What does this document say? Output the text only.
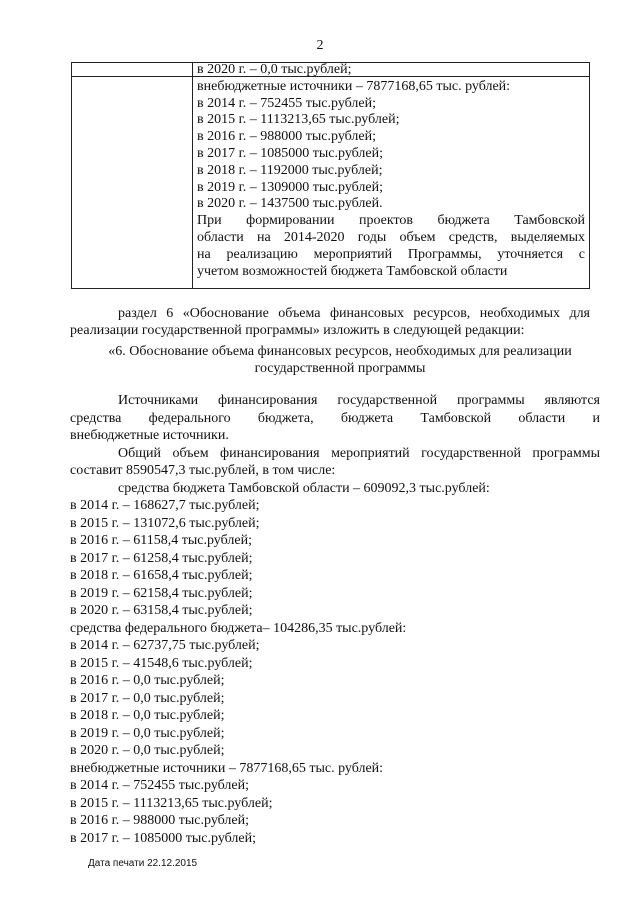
2
в 2020 г. – 0,0 тыс.рублей;
внебюджетные источники – 7877168,65 тыс. рублей:
в 2014 г. – 752455 тыс.рублей;
в 2015 г. – 1113213,65 тыс.рублей;
в 2016 г. – 988000 тыс.рублей;
в 2017 г. – 1085000 тыс.рублей;
в 2018 г. – 1192000 тыс.рублей;
в 2019 г. – 1309000 тыс.рублей;
в 2020 г. – 1437500 тыс.рублей.
При формировании проектов бюджета Тамбовской
области на 2014-2020 годы объем средств, выделяемых
на реализацию мероприятий Программы, уточняется с
учетом возможностей бюджета Тамбовской области
раздел 6 «Обоснование объема финансовых ресурсов, необходимых для
реализации государственной программы» изложить в следующей редакции:
«6. Обоснование объема финансовых ресурсов, необходимых для реализации
государственной программы
Источниками финансирования государственной программы являются
средства федерального бюджета, бюджета Тамбовской области и
внебюджетные источники.
Общий объем финансирования мероприятий государственной программы
составит 8590547,3 тыс.рублей, в том числе:
средства бюджета Тамбовской области – 609092,3 тыс.рублей:
в 2014 г. – 168627,7 тыс.рублей;
в 2015 г. – 131072,6 тыс.рублей;
в 2016 г. – 61158,4 тыс.рублей;
в 2017 г. – 61258,4 тыс.рублей;
в 2018 г. – 61658,4 тыс.рублей;
в 2019 г. – 62158,4 тыс.рублей;
в 2020 г. – 63158,4 тыс.рублей;
средства федерального бюджета– 104286,35 тыс.рублей:
в 2014 г. – 62737,75 тыс.рублей;
в 2015 г. – 41548,6 тыс.рублей;
в 2016 г. – 0,0 тыс.рублей;
в 2017 г. – 0,0 тыс.рублей;
в 2018 г. – 0,0 тыс.рублей;
в 2019 г. – 0,0 тыс.рублей;
в 2020 г. – 0,0 тыс.рублей;
внебюджетные источники – 7877168,65 тыс. рублей:
в 2014 г. – 752455 тыс.рублей;
в 2015 г. – 1113213,65 тыс.рублей;
в 2016 г. – 988000 тыс.рублей;
в 2017 г. – 1085000 тыс.рублей;
Дата печати 22.12.2015
